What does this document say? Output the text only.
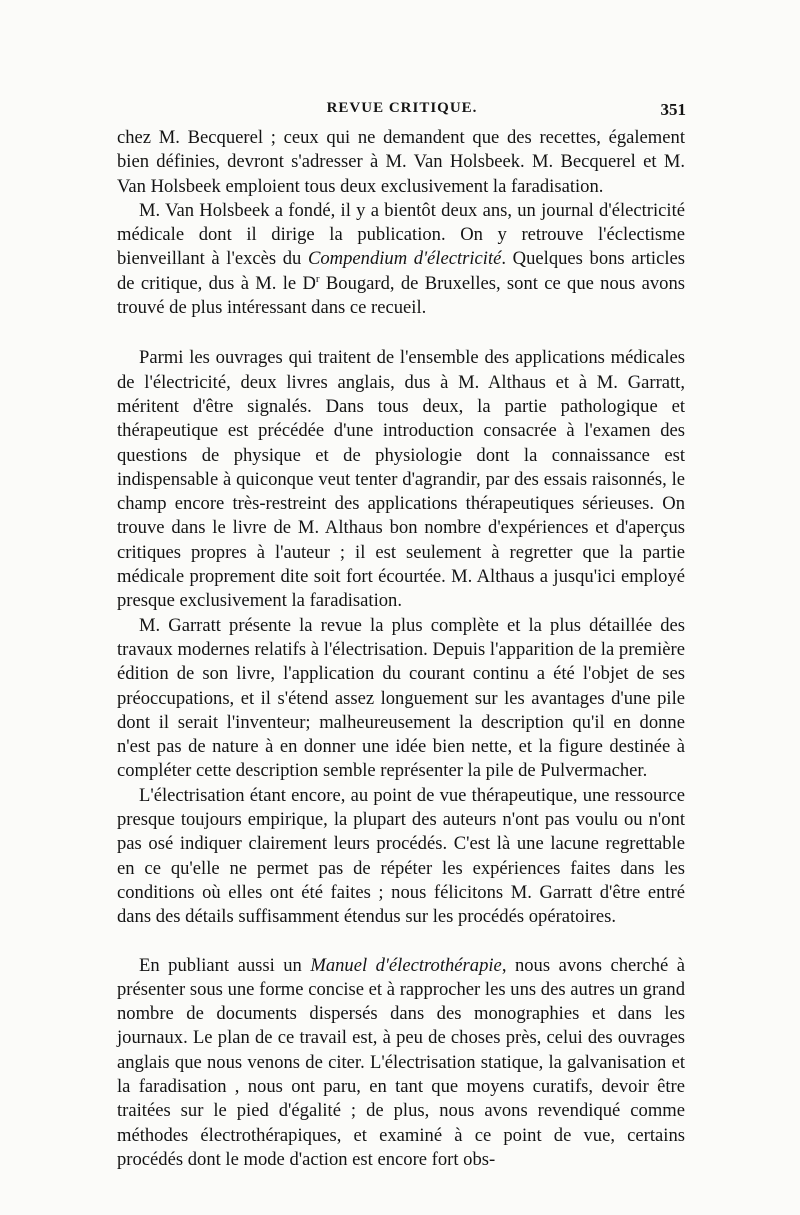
REVUE CRITIQUE.	351

chez M. Becquerel ; ceux qui ne demandent que des recettes, également bien définies, devront s'adresser à M. Van Holsbeek. M. Becquerel et M. Van Holsbeek emploient tous deux exclusivement la faradisation.

M. Van Holsbeek a fondé, il y a bientôt deux ans, un journal d'électricité médicale dont il dirige la publication. On y retrouve l'éclectisme bienveillant à l'excès du Compendium d'électricité. Quelques bons articles de critique, dus à M. le $D^r$ Bougard, de Bruxelles, sont ce que nous avons trouvé de plus intéressant dans ce recueil.

Parmi les ouvrages qui traitent de l'ensemble des applications médicales de l'électricité, deux livres anglais, dus à M. Althaus et à M. Garratt, méritent d'être signalés. Dans tous deux, la partie pathologique et thérapeutique est précédée d'une introduction consacrée à l'examen des questions de physique et de physiologie dont la connaissance est indispensable à quiconque veut tenter d'agrandir, par des essais raisonnés, le champ encore très-restreint des applications thérapeutiques sérieuses. On trouve dans le livre de M. Althaus bon nombre d'expériences et d'aperçus critiques propres à l'auteur ; il est seulement à regretter que la partie médicale proprement dite soit fort écourtée. M. Althaus a jusqu'ici employé presque exclusivement la faradisation.

M. Garratt présente la revue la plus complète et la plus détaillée des travaux modernes relatifs à l'électrisation. Depuis l'apparition de la première édition de son livre, l'application du courant continu a été l'objet de ses préoccupations, et il s'étend assez longuement sur les avantages d'une pile dont il serait l'inventeur; malheureusement la description qu'il en donne n'est pas de nature à en donner une idée bien nette, et la figure destinée à compléter cette description semble représenter la pile de Pulvermacher.

L'électrisation étant encore, au point de vue thérapeutique, une ressource presque toujours empirique, la plupart des auteurs n'ont pas voulu ou n'ont pas osé indiquer clairement leurs procédés. C'est là une lacune regrettable en ce qu'elle ne permet pas de répéter les expériences faites dans les conditions où elles ont été faites ; nous félicitons M. Garratt d'être entré dans des détails suffisamment étendus sur les procédés opératoires.

En publiant aussi un Manuel d'électrothérapie, nous avons cherché à présenter sous une forme concise et à rapprocher les uns des autres un grand nombre de documents dispersés dans des monographies et dans les journaux. Le plan de ce travail est, à peu de choses près, celui des ouvrages anglais que nous venons de citer. L'électrisation statique, la galvanisation et la faradisation , nous ont paru, en tant que moyens curatifs, devoir être traitées sur le pied d'égalité ; de plus, nous avons revendiqué comme méthodes électrothérapiques, et examiné à ce point de vue, certains procédés dont le mode d'action est encore fort obs-
